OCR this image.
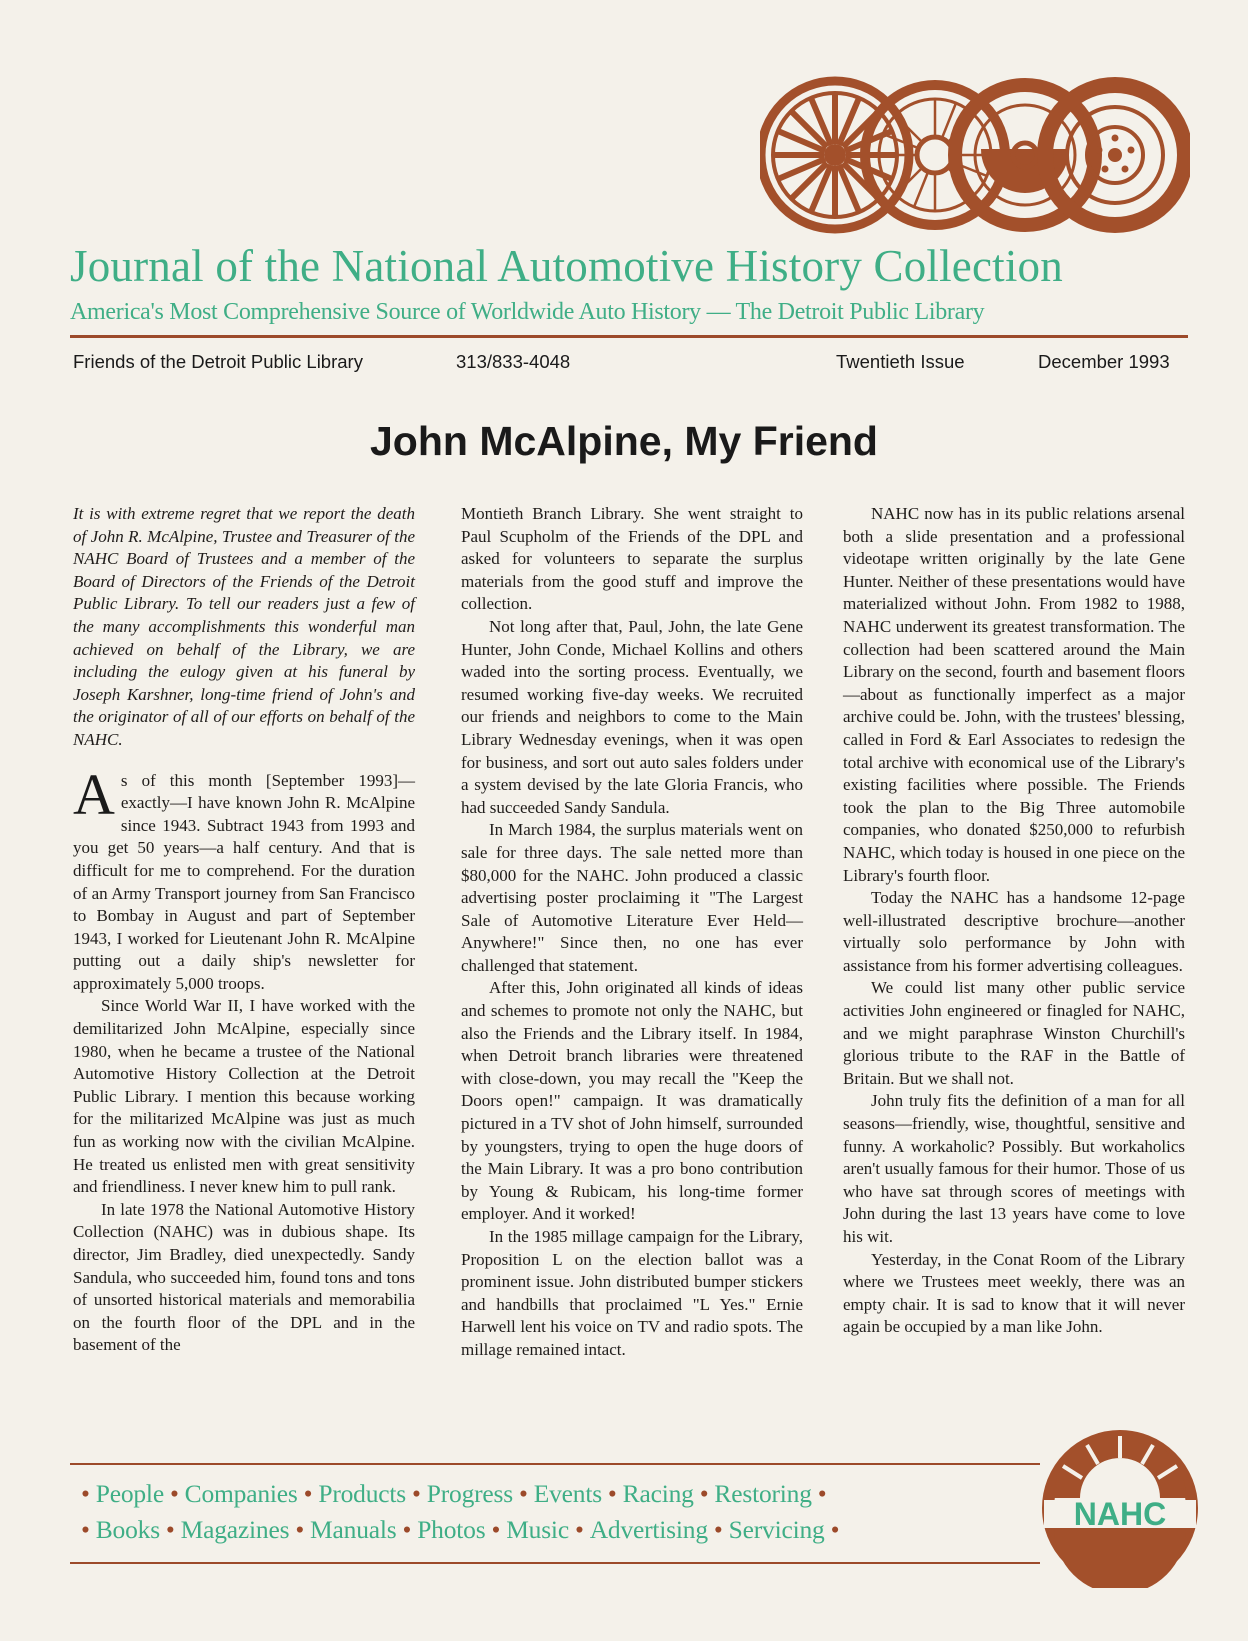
WHEELS
Journal of the National Automotive History Collection
America's Most Comprehensive Source of Worldwide Auto History — The Detroit Public Library
Friends of the Detroit Public Library	313/833-4048	Twentieth Issue	December 1993
John McAlpine, My Friend

It is with extreme regret that we report the death of John R. McAlpine, Trustee and Treasurer of the NAHC Board of Trustees and a member of the Board of Directors of the Friends of the Detroit Public Library. To tell our readers just a few of the many accomplishments this wonderful man achieved on behalf of the Library, we are including the eulogy given at his funeral by Joseph Karshner, long-time friend of John's and the originator of all of our efforts on behalf of the NAHC.

As of this month [September 1993]—exactly—I have known John R. McAlpine since 1943. Subtract 1943 from 1993 and you get 50 years—a half century. And that is difficult for me to comprehend. For the duration of an Army Transport journey from San Francisco to Bombay in August and part of September 1943, I worked for Lieutenant John R. McAlpine putting out a daily ship's newsletter for approximately 5,000 troops.

Since World War II, I have worked with the demilitarized John McAlpine, especially since 1980, when he became a trustee of the National Automotive History Collection at the Detroit Public Library. I mention this because working for the militarized McAlpine was just as much fun as working now with the civilian McAlpine. He treated us enlisted men with great sensitivity and friendliness. I never knew him to pull rank.

In late 1978 the National Automotive History Collection (NAHC) was in dubious shape. Its director, Jim Bradley, died unexpectedly. Sandy Sandula, who succeeded him, found tons and tons of unsorted historical materials and memorabilia on the fourth floor of the DPL and in the basement of the

Montieth Branch Library. She went straight to Paul Scupholm of the Friends of the DPL and asked for volunteers to separate the surplus materials from the good stuff and improve the collection.

Not long after that, Paul, John, the late Gene Hunter, John Conde, Michael Kollins and others waded into the sorting process. Eventually, we resumed working five-day weeks. We recruited our friends and neighbors to come to the Main Library Wednesday evenings, when it was open for business, and sort out auto sales folders under a system devised by the late Gloria Francis, who had succeeded Sandy Sandula.

In March 1984, the surplus materials went on sale for three days. The sale netted more than $80,000 for the NAHC. John produced a classic advertising poster proclaiming it "The Largest Sale of Automotive Literature Ever Held—Anywhere!" Since then, no one has ever challenged that statement.

After this, John originated all kinds of ideas and schemes to promote not only the NAHC, but also the Friends and the Library itself. In 1984, when Detroit branch libraries were threatened with close-down, you may recall the "Keep the Doors open!" campaign. It was dramatically pictured in a TV shot of John himself, surrounded by youngsters, trying to open the huge doors of the Main Library. It was a pro bono contribution by Young & Rubicam, his long-time former employer. And it worked!

In the 1985 millage campaign for the Library, Proposition L on the election ballot was a prominent issue. John distributed bumper stickers and handbills that proclaimed "L Yes." Ernie Harwell lent his voice on TV and radio spots. The millage remained intact.

NAHC now has in its public relations arsenal both a slide presentation and a professional videotape written originally by the late Gene Hunter. Neither of these presentations would have materialized without John. From 1982 to 1988, NAHC underwent its greatest transformation. The collection had been scattered around the Main Library on the second, fourth and basement floors—about as functionally imperfect as a major archive could be. John, with the trustees' blessing, called in Ford & Earl Associates to redesign the total archive with economical use of the Library's existing facilities where possible. The Friends took the plan to the Big Three automobile companies, who donated $250,000 to refurbish NAHC, which today is housed in one piece on the Library's fourth floor.

Today the NAHC has a handsome 12-page well-illustrated descriptive brochure—another virtually solo performance by John with assistance from his former advertising colleagues.

We could list many other public service activities John engineered or finagled for NAHC, and we might paraphrase Winston Churchill's glorious tribute to the RAF in the Battle of Britain. But we shall not.

John truly fits the definition of a man for all seasons—friendly, wise, thoughtful, sensitive and funny. A workaholic? Possibly. But workaholics aren't usually famous for their humor. Those of us who have sat through scores of meetings with John during the last 13 years have come to love his wit.

Yesterday, in the Conat Room of the Library where we Trustees meet weekly, there was an empty chair. It is sad to know that it will never again be occupied by a man like John.

• People • Companies • Products • Progress • Events • Racing • Restoring •
• Books • Magazines • Manuals • Photos • Music • Advertising • Servicing •	NAHC
